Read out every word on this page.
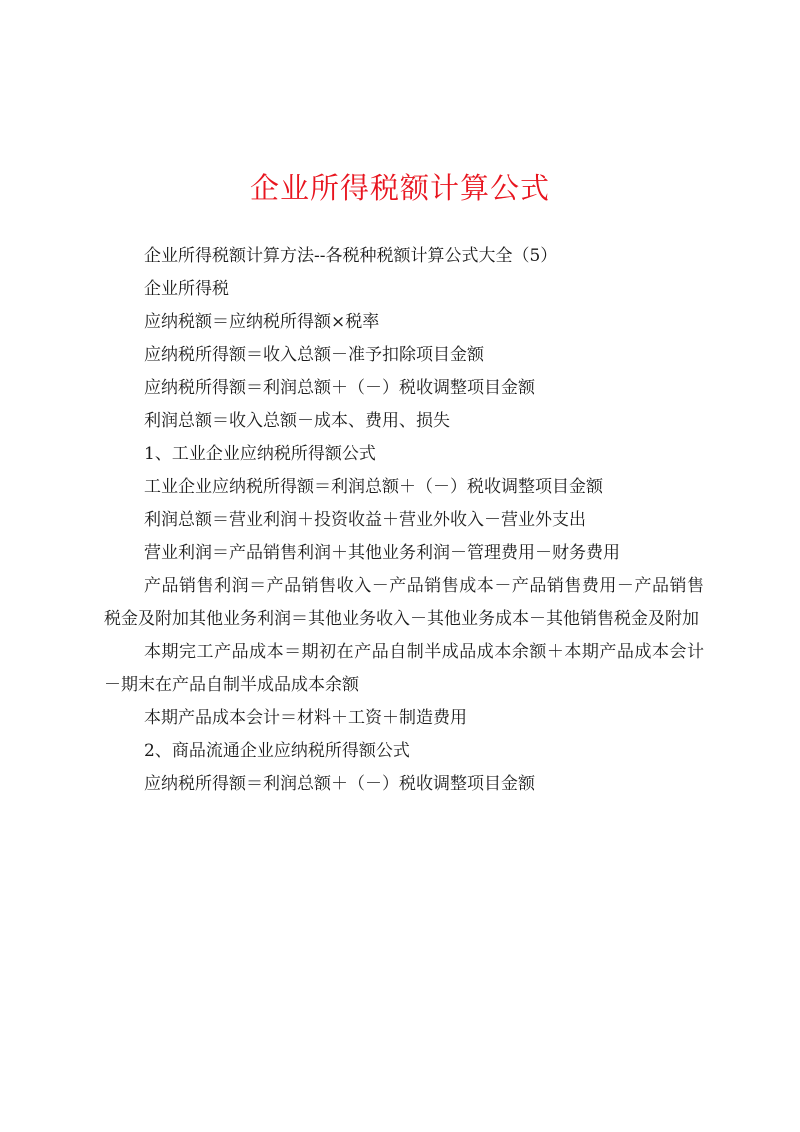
企业所得税额计算公式

企业所得税额计算方法--各税种税额计算公式大全（5）

企业所得税

应纳税额＝应纳税所得额×税率

应纳税所得额＝收入总额－准予扣除项目金额

应纳税所得额＝利润总额＋（－）税收调整项目金额

利润总额＝收入总额－成本、费用、损失

1、工业企业应纳税所得额公式

工业企业应纳税所得额＝利润总额＋（－）税收调整项目金额

利润总额＝营业利润＋投资收益＋营业外收入－营业外支出

营业利润＝产品销售利润＋其他业务利润－管理费用－财务费用

产品销售利润＝产品销售收入－产品销售成本－产品销售费用－产品销售税金及附加其他业务利润＝其他业务收入－其他业务成本－其他销售税金及附加

本期完工产品成本＝期初在产品自制半成品成本余额＋本期产品成本会计－期末在产品自制半成品成本余额

本期产品成本会计＝材料＋工资＋制造费用

2、商品流通企业应纳税所得额公式

应纳税所得额＝利润总额＋（－）税收调整项目金额
